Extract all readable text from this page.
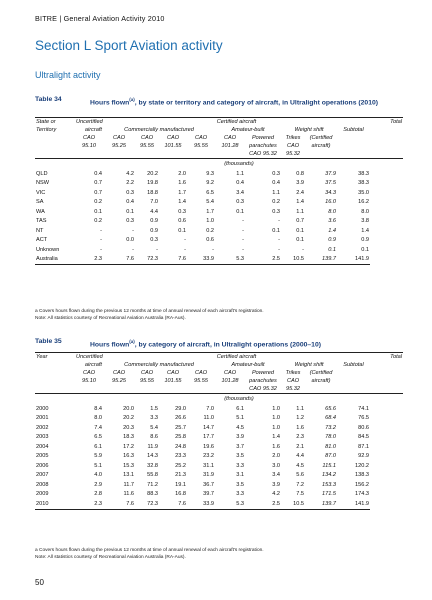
BITRE | General Aviation Activity 2010
Section L Sport Aviation activity
Ultralight activity
Table 34	Hours flown$^{(a)}$, by state or territory and category of aircraft, in Ultralight operations (2010)
State or	Uncertified	Certified aircraft									Total
Territory	aircraft	Commercially manufactured				Amateur-built		Weight shift		Subtotal	
	CAO	CAO	CAO	CAO	CAO	CAO	Powered	Trikes	(Certified		
	95.10	95.25	95.55	101.55	95.55	101.28	parachutes	CAO	aircraft)		
							CAO 95.32	95.32			
	(thousands)										
QLD	0.4	4.2	20.2	2.0	9.3	1.1	0.3	0.8	37.9	38.3	
NSW	0.7	2.2	19.8	1.6	9.2	0.4	0.4	3.9	37.5	38.3	
VIC	0.7	0.3	18.8	1.7	6.5	3.4	1.1	2.4	34.3	35.0	
SA	0.2	0.4	7.0	1.4	5.4	0.3	0.2	1.4	16.0	16.2	
WA	0.1	0.1	4.4	0.3	1.7	0.1	0.3	1.1	8.0	8.0	
TAS	0.2	0.3	0.9	0.6	1.0	-	-	0.7	3.6	3.8	
NT	-	-	0.9	0.1	0.2	-	0.1	0.1	1.4	1.4	
ACT	-	0.0	0.3	-	0.6	-	-	0.1	0.9	0.9	
Unknown	-	-	-	-	-	-	-	-	0.1	0.1	
Australia	2.3	7.6	72.3	7.6	33.9	5.3	2.5	10.5	139.7	141.9	
a Covers hours flown during the previous 12 months at time of annual renewal of each aircraft's registration.
Note: All statistics courtesy of Recreational Aviation Australia (RA-Aus).
Table 35	Hours flown$^{(a)}$, by category of aircraft, in Ultralight operations (2000–10)
Year	Uncertified	Certified aircraft									Total
	aircraft	Commercially manufactured				Amateur-built		Weight shift		Subtotal	
	CAO	CAO	CAO	CAO	CAO	CAO	Powered	Trikes	(Certified		
	95.10	95.25	95.55	101.55	95.55	101.28	parachutes	CAO	aircraft)		
							CAO 95.32	95.32			
	(thousands)										
2000	8.4	20.0	1.5	29.0	7.0	6.1	1.0	1.1	65.6	74.1	
2001	8.0	20.2	3.3	26.6	11.0	5.1	1.0	1.2	68.4	76.5	
2002	7.4	20.3	5.4	25.7	14.7	4.5	1.0	1.6	73.2	80.6	
2003	6.5	18.3	8.6	25.8	17.7	3.9	1.4	2.3	78.0	84.5	
2004	6.1	17.2	11.9	24.8	19.6	3.7	1.6	2.1	81.0	87.1	
2005	5.9	16.3	14.3	23.3	23.2	3.5	2.0	4.4	87.0	92.9	
2006	5.1	15.3	32.8	25.2	31.1	3.3	3.0	4.5	115.1	120.2	
2007	4.0	13.1	55.8	21.3	31.9	3.1	3.4	5.6	134.2	138.3	
2008	2.9	11.7	71.2	19.1	36.7	3.5	3.9	7.2	153.3	156.2	
2009	2.8	11.6	88.3	16.8	39.7	3.3	4.2	7.5	171.5	174.3	
2010	2.3	7.6	72.3	7.6	33.9	5.3	2.5	10.5	139.7	141.9	
a Covers hours flown during the previous 12 months at time of annual renewal of each aircraft's registration.
Note: All statistics courtesy of Recreational Aviation Australia (RA-Aus).
50
